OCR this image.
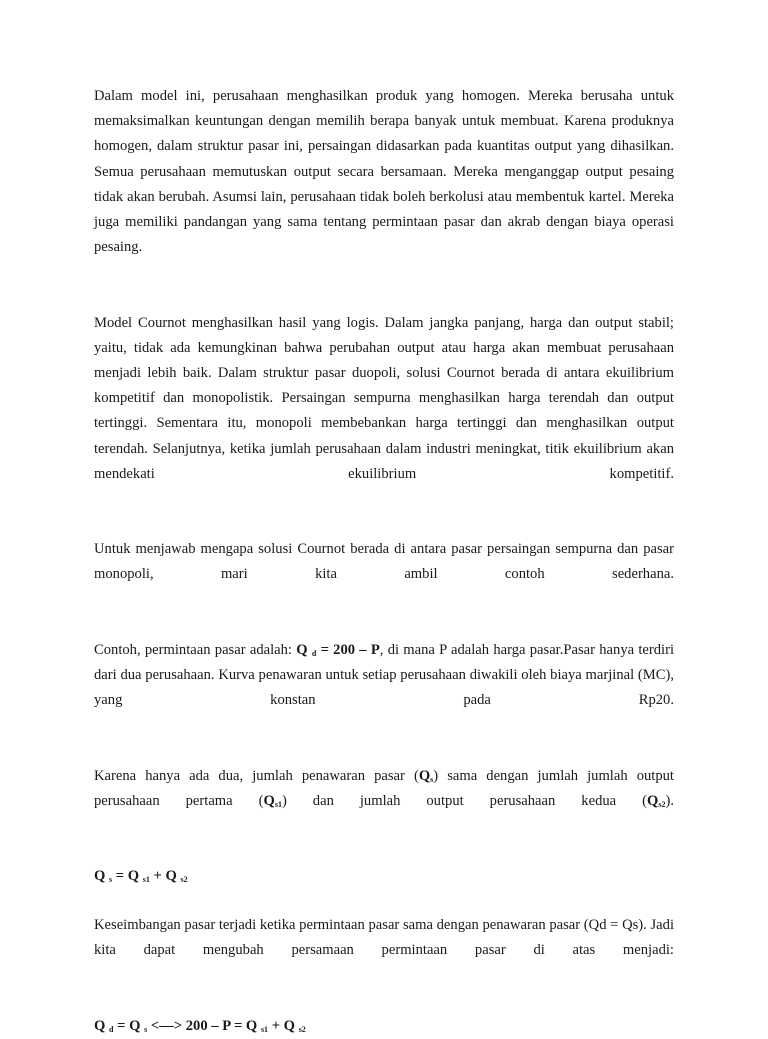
Dalam model ini, perusahaan menghasilkan produk yang homogen. Mereka berusaha untuk memaksimalkan keuntungan dengan memilih berapa banyak untuk membuat. Karena produknya homogen, dalam struktur pasar ini, persaingan didasarkan pada kuantitas output yang dihasilkan. Semua perusahaan memutuskan output secara bersamaan. Mereka menganggap output pesaing tidak akan berubah. Asumsi lain, perusahaan tidak boleh berkolusi atau membentuk kartel. Mereka juga memiliki pandangan yang sama tentang permintaan pasar dan akrab dengan biaya operasi pesaing.

Model Cournot menghasilkan hasil yang logis. Dalam jangka panjang, harga dan output stabil; yaitu, tidak ada kemungkinan bahwa perubahan output atau harga akan membuat perusahaan menjadi lebih baik. Dalam struktur pasar duopoli, solusi Cournot berada di antara ekuilibrium kompetitif dan monopolistik. Persaingan sempurna menghasilkan harga terendah dan output tertinggi. Sementara itu, monopoli membebankan harga tertinggi dan menghasilkan output terendah. Selanjutnya, ketika jumlah perusahaan dalam industri meningkat, titik ekuilibrium akan mendekati ekuilibrium kompetitif.

Untuk menjawab mengapa solusi Cournot berada di antara pasar persaingan sempurna dan pasar monopoli, mari kita ambil contoh sederhana.

Contoh, permintaan pasar adalah: Q $_d$ = 200 – P, di mana P adalah harga pasar.Pasar hanya terdiri dari dua perusahaan. Kurva penawaran untuk setiap perusahaan diwakili oleh biaya marjinal (MC), yang konstan pada Rp20.

Karena hanya ada dua, jumlah penawaran pasar $(Q_s)$ sama dengan jumlah jumlah output perusahaan pertama $(Q_{s1})$ dan jumlah output perusahaan kedua $(Q_{s2})$.

Q $_s$ = Q $_{s1}$ + Q $_{s2}$

Keseimbangan pasar terjadi ketika permintaan pasar sama dengan penawaran pasar (Qd = Qs). Jadi kita dapat mengubah persamaan permintaan pasar di atas menjadi:

Q $_d$ = Q $_s$ <—> 200 – P = Q $_{s1}$ + Q $_{s2}$
